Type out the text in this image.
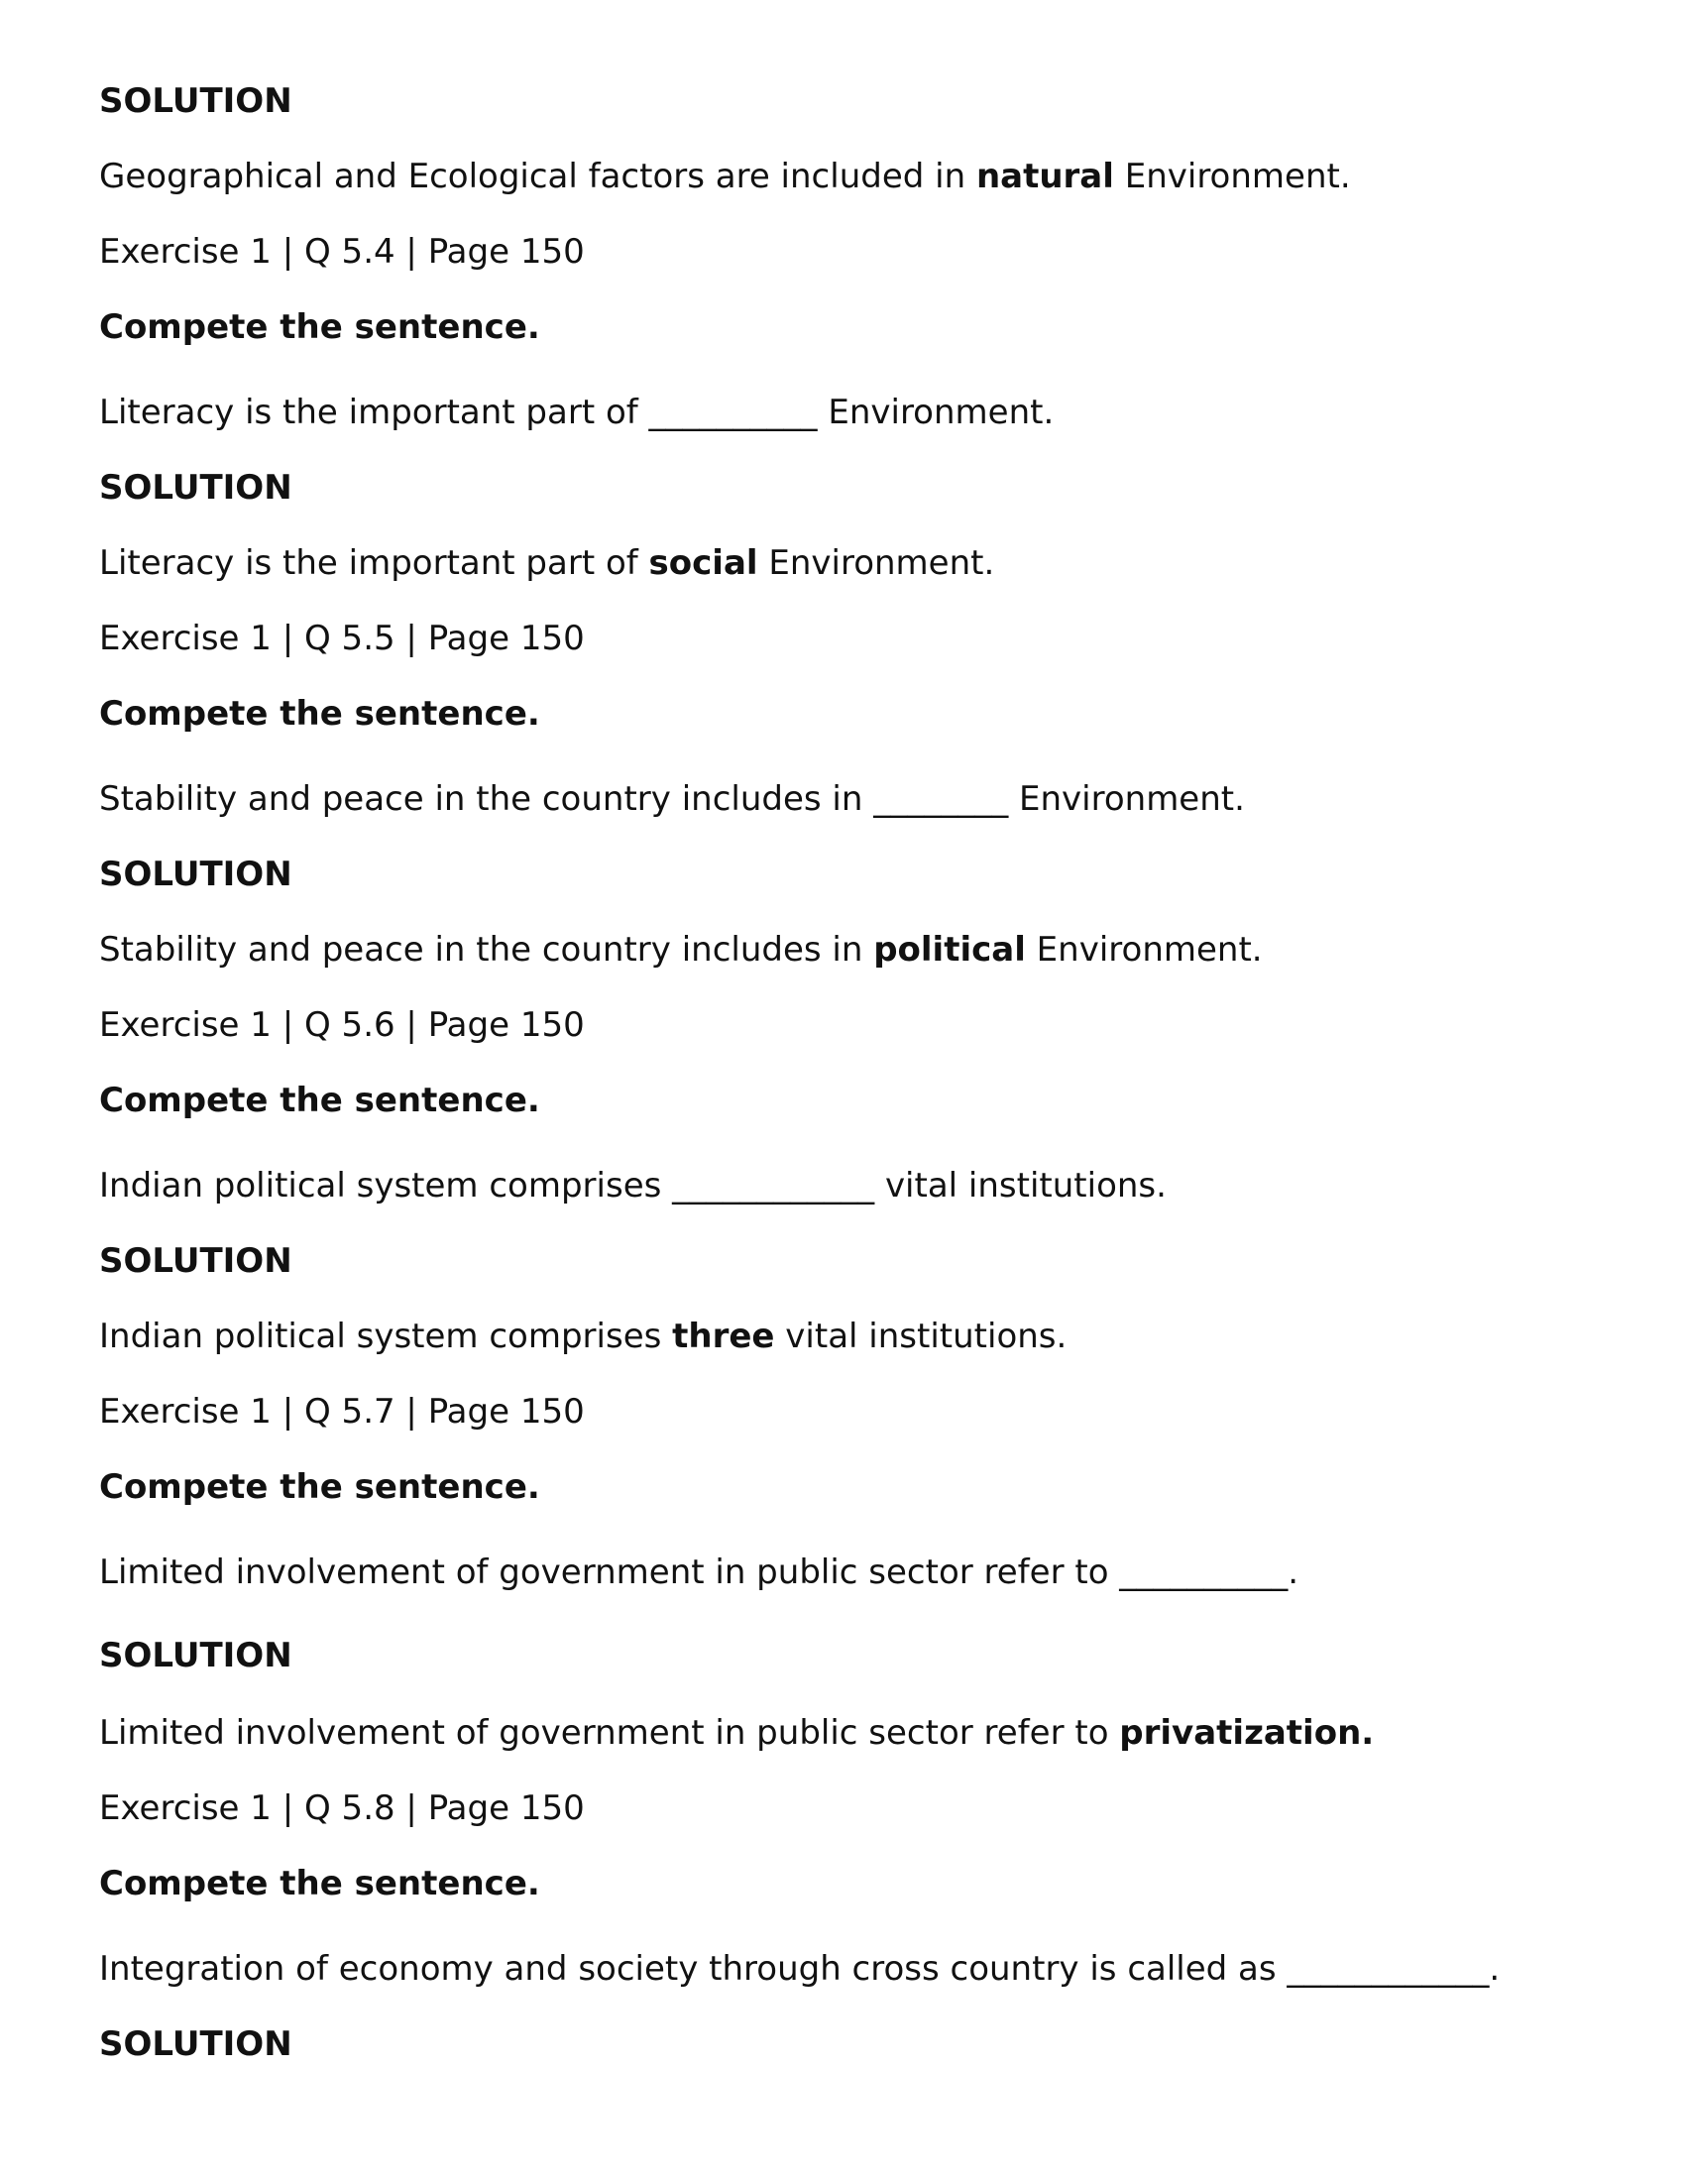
SOLUTION
Geographical and Ecological factors are included in natural Environment.
Exercise 1 | Q 5.4 | Page 150
Compete the sentence.
Literacy is the important part of __________ Environment.
SOLUTION
Literacy is the important part of social Environment.
Exercise 1 | Q 5.5 | Page 150
Compete the sentence.
Stability and peace in the country includes in ________ Environment.
SOLUTION
Stability and peace in the country includes in political Environment.
Exercise 1 | Q 5.6 | Page 150
Compete the sentence.
Indian political system comprises ____________ vital institutions.
SOLUTION
Indian political system comprises three vital institutions.
Exercise 1 | Q 5.7 | Page 150
Compete the sentence.
Limited involvement of government in public sector refer to __________.
SOLUTION
Limited involvement of government in public sector refer to privatization.
Exercise 1 | Q 5.8 | Page 150
Compete the sentence.
Integration of economy and society through cross country is called as ____________.
SOLUTION
